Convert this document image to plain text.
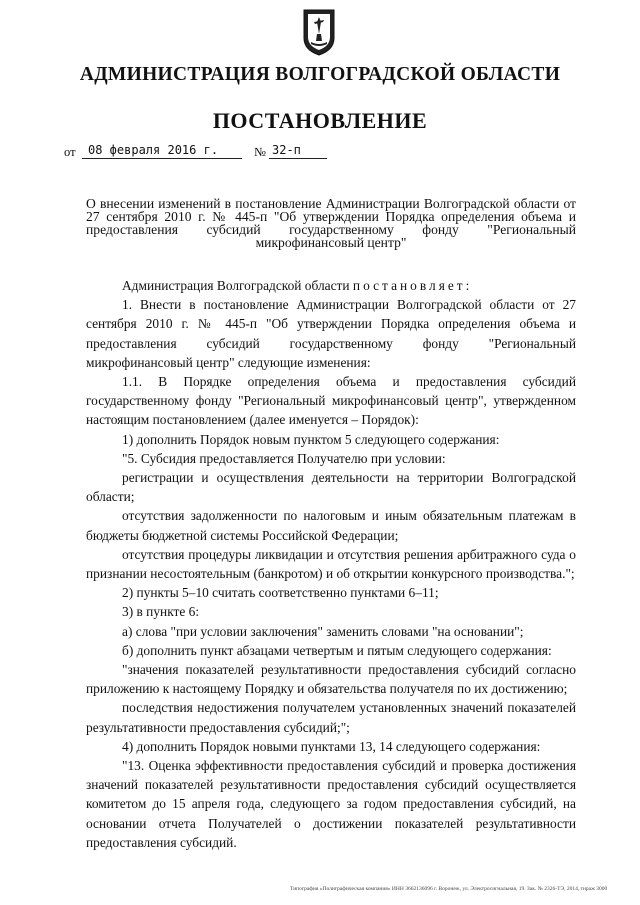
АДМИНИСТРАЦИЯ ВОЛГОГРАДСКОЙ ОБЛАСТИ
ПОСТАНОВЛЕНИЕ
от 08 февраля 2016 г.	№ 32-п
О внесении изменений в постановление Администрации Волгоградской области от 27 сентября 2010 г. № 445-п "Об утверждении Порядка определения объема и предоставления субсидий государственному фонду "Региональный микрофинансовый центр"

Администрация Волгоградской области постановляет:

1. Внести в постановление Администрации Волгоградской области от 27 сентября 2010 г. № 445-п "Об утверждении Порядка определения объема и предоставления субсидий государственному фонду "Региональный микрофинансовый центр" следующие изменения:

1.1. В Порядке определения объема и предоставления субсидий государственному фонду "Региональный микрофинансовый центр", утвержденном настоящим постановлением (далее именуется – Порядок):

1) дополнить Порядок новым пунктом 5 следующего содержания:

"5. Субсидия предоставляется Получателю при условии:

регистрации и осуществления деятельности на территории Волгоградской области;

отсутствия задолженности по налоговым и иным обязательным платежам в бюджеты бюджетной системы Российской Федерации;

отсутствия процедуры ликвидации и отсутствия решения арбитражного суда о признании несостоятельным (банкротом) и об открытии конкурсного производства.";

2) пункты 5–10 считать соответственно пунктами 6–11;

3) в пункте 6:

а) слова "при условии заключения" заменить словами "на основании";

б) дополнить пункт абзацами четвертым и пятым следующего содержания:

"значения показателей результативности предоставления субсидий согласно приложению к настоящему Порядку и обязательства получателя по их достижению;

последствия недостижения получателем установленных значений показателей результативности предоставления субсидий;";

4) дополнить Порядок новыми пунктами 13, 14 следующего содержания:

"13. Оценка эффективности предоставления субсидий и проверка достижения значений показателей результативности предоставления субсидий осуществляется комитетом до 15 апреля года, следующего за годом предоставления субсидий, на основании отчета Получателей о достижении показателей результативности предоставления субсидий.

Типография «Полиграфическая компания» ИНН 3662136096 г. Воронеж, ул. Электросигнальная, 19. Зак. № 2326-ТЭ, 2014, тираж 3000
